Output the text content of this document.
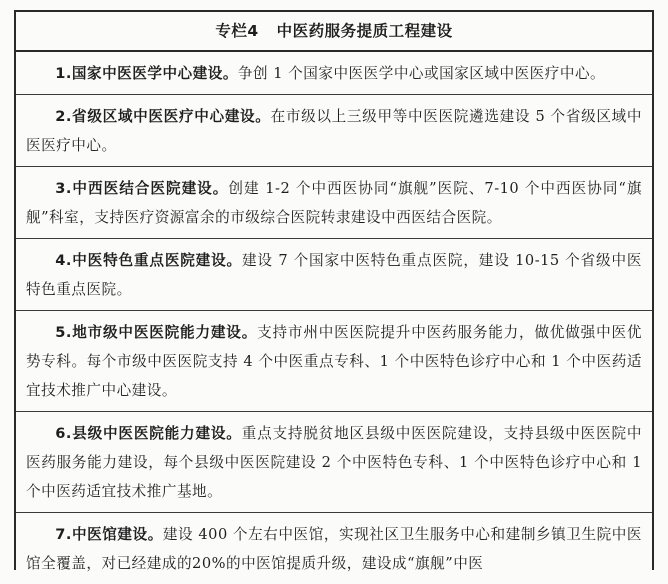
专栏4 中医药服务提质工程建设
1.国家中医医学中心建设。争创 1 个国家中医医学中心或国家区域中医医疗中心。
2.省级区域中医医疗中心建设。在市级以上三级甲等中医医院遴选建设 5 个省级区域中医医疗中心。
3.中西医结合医院建设。创建 1-2 个中西医协同“旗舰”医院、7-10 个中西医协同“旗舰”科室，支持医疗资源富余的市级综合医院转隶建设中西医结合医院。
4.中医特色重点医院建设。建设 7 个国家中医特色重点医院，建设 10-15 个省级中医特色重点医院。
5.地市级中医医院能力建设。支持市州中医医院提升中医药服务能力，做优做强中医优势专科。每个市级中医医院支持 4 个中医重点专科、1 个中医特色诊疗中心和 1 个中医药适宜技术推广中心建设。
6.县级中医医院能力建设。重点支持脱贫地区县级中医医院建设，支持县级中医医院中医药服务能力建设，每个县级中医医院建设 2 个中医特色专科、1 个中医特色诊疗中心和 1 个中医药适宜技术推广基地。
7.中医馆建设。建设 400 个左右中医馆，实现社区卫生服务中心和建制乡镇卫生院中医馆全覆盖，对已经建成的20%的中医馆提质升级，建设成“旗舰”中医
